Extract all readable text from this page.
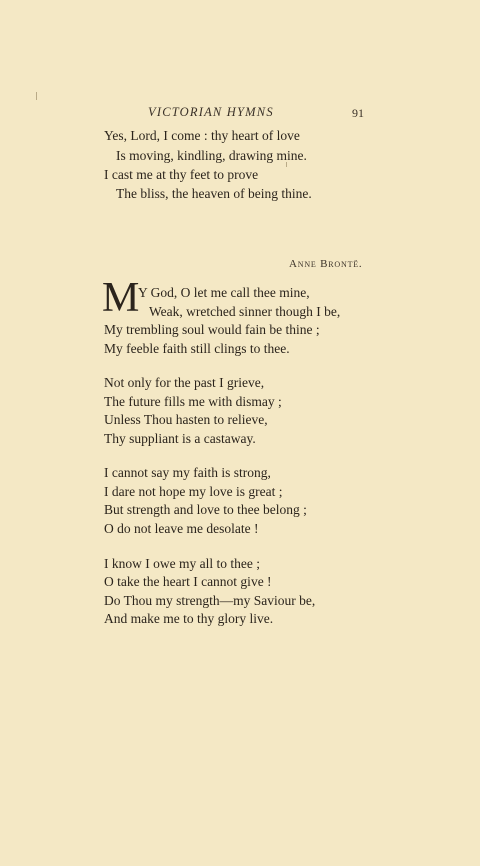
VICTORIAN HYMNS	91
Yes, Lord, I come : thy heart of love
Is moving, kindling, drawing mine.
I cast me at thy feet to prove
The bliss, the heaven of being thine.
Anne Brontë.
M
Y God, O let me call thee mine,
Weak, wretched sinner though I be,
My trembling soul would fain be thine ;
My feeble faith still clings to thee.
Not only for the past I grieve,
The future fills me with dismay ;
Unless Thou hasten to relieve,
Thy suppliant is a castaway.
I cannot say my faith is strong,
I dare not hope my love is great ;
But strength and love to thee belong ;
O do not leave me desolate !
I know I owe my all to thee ;
O take the heart I cannot give !
Do Thou my strength—my Saviour be,
And make me to thy glory live.
